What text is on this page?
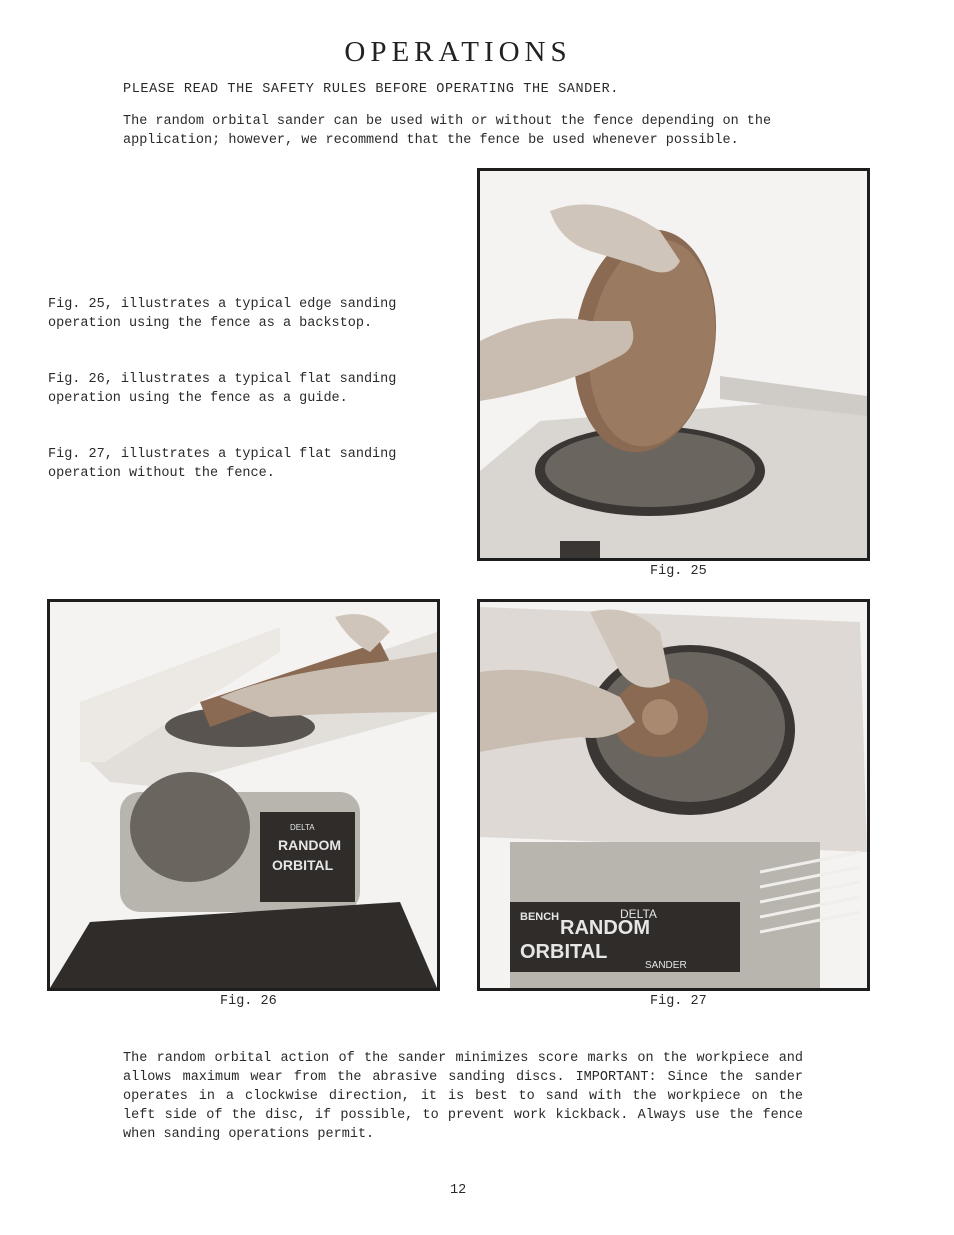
OPERATIONS
PLEASE READ THE SAFETY RULES BEFORE OPERATING THE SANDER.
The random orbital sander can be used with or without the fence depending on the application; however, we recommend that the fence be used whenever possible.
Fig. 25, illustrates a typical edge sanding operation using the fence as a backstop.
Fig. 26, illustrates a typical flat sanding operation using the fence as a guide.
Fig. 27, illustrates a typical flat sanding operation without the fence.
Fig. 25
RANDOM
ORBITAL
DELTA
Fig. 26
BENCH RANDOM
ORBITAL
SANDER
DELTA
Fig. 27
The random orbital action of the sander minimizes score marks on the workpiece and allows maximum wear from the abrasive sanding discs. IMPORTANT: Since the sander operates in a clockwise direction, it is best to sand with the workpiece on the left side of the disc, if possible, to prevent work kickback. Always use the fence when sanding operations permit.
12
